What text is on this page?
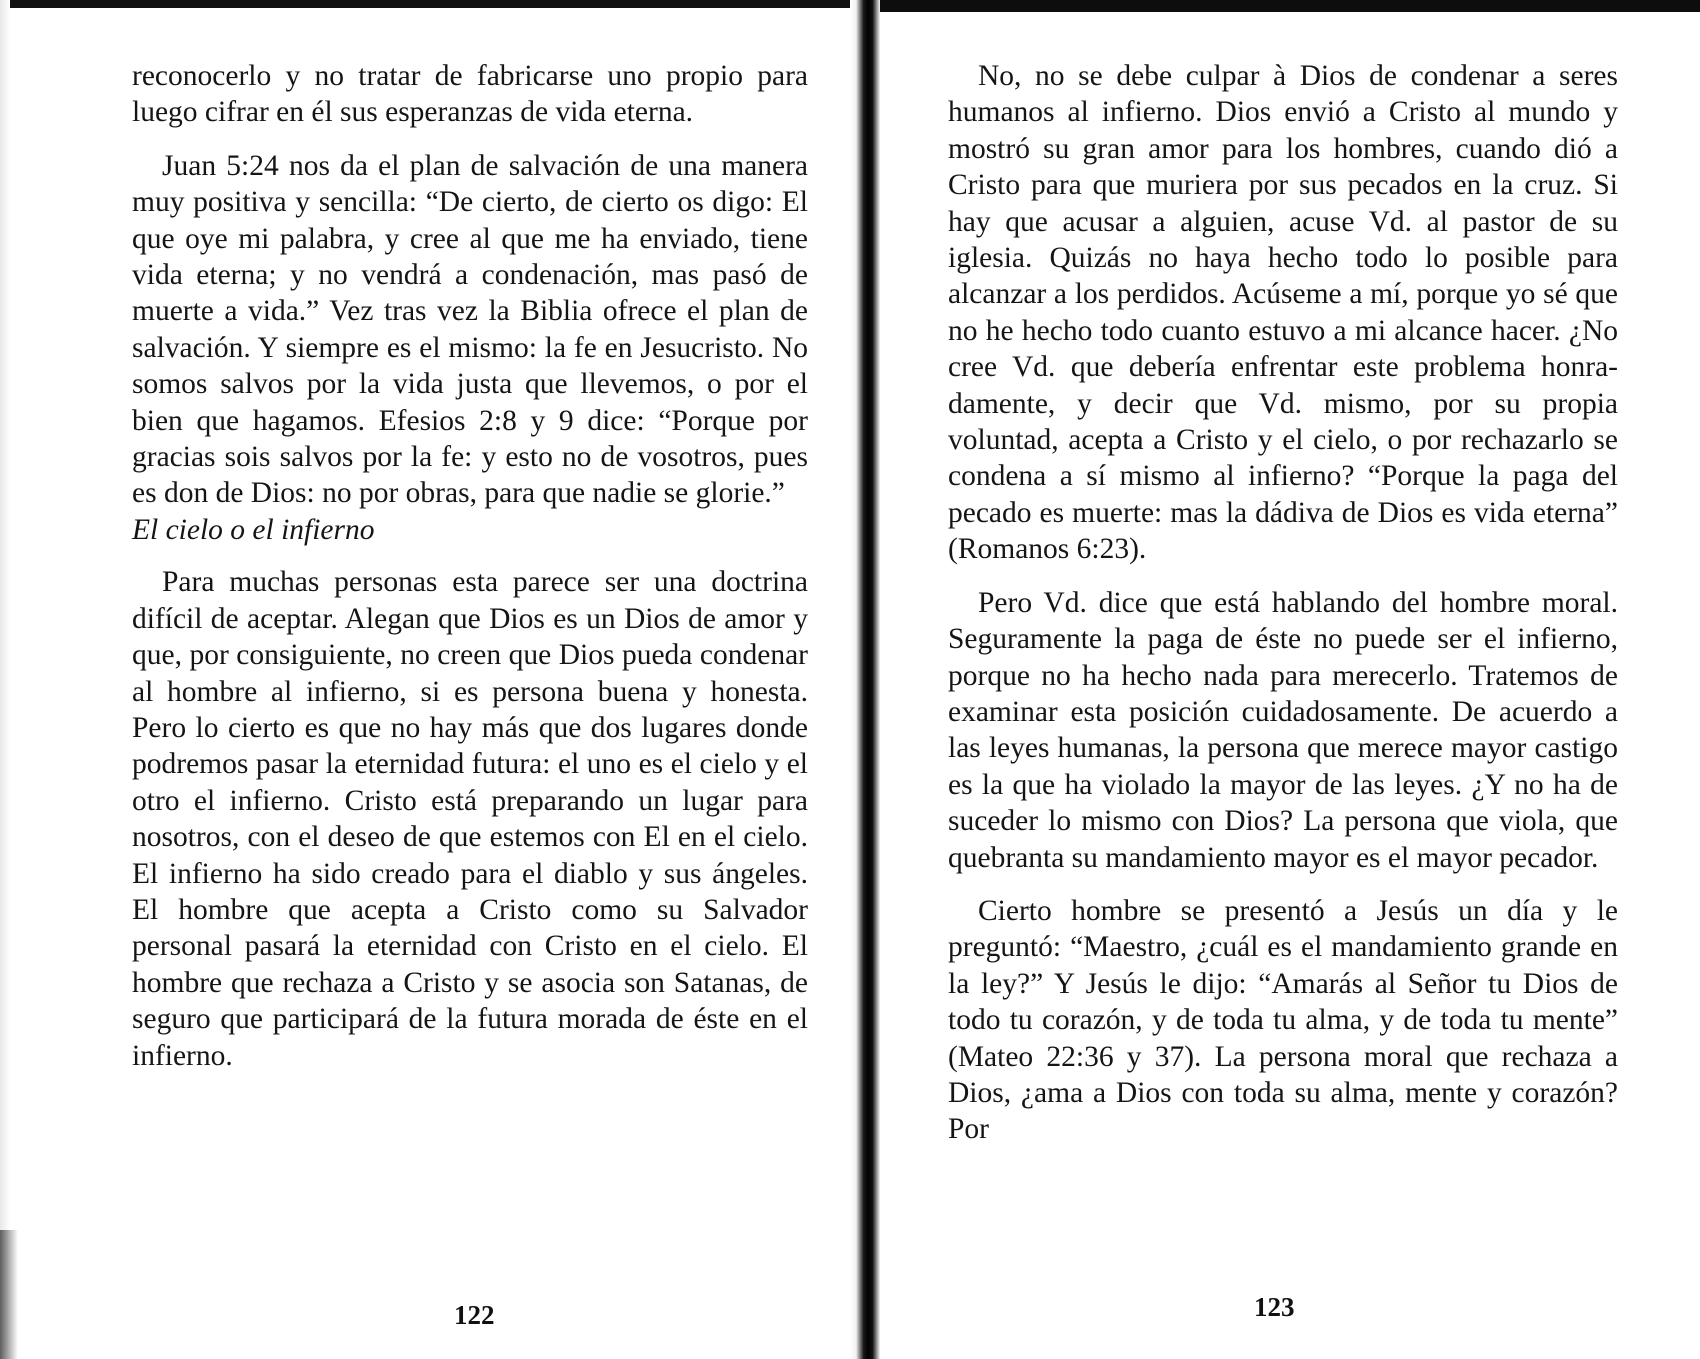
reconocerlo y no tratar de fabricarse uno propio para luego cifrar en él sus esperanzas de vida eterna.

Juan 5:24 nos da el plan de salvación de una manera muy positiva y sencilla: “De cierto, de cierto os digo: El que oye mi palabra, y cree al que me ha enviado, tiene vida eterna; y no vendrá a condenación, mas pasó de muerte a vida.” Vez tras vez la Biblia ofrece el plan de salvación. Y siempre es el mismo: la fe en Jesucristo. No somos salvos por la vida justa que llevemos, o por el bien que hagamos. Efesios 2:8 y 9 dice: “Porque por gracias sois salvos por la fe: y esto no de vosotros, pues es don de Dios: no por obras, para que nadie se glorie.”

El cielo o el infierno

Para muchas personas esta parece ser una doctrina difícil de aceptar. Alegan que Dios es un Dios de amor y que, por consiguiente, no creen que Dios pueda condenar al hombre al infierno, si es persona buena y honesta. Pero lo cierto es que no hay más que dos lugares donde podremos pasar la eternidad futura: el uno es el cielo y el otro el infierno. Cristo está preparando un lugar para nosotros, con el deseo de que estemos con El en el cielo. El infierno ha sido creado para el diablo y sus ángeles. El hombre que acepta a Cristo como su Salvador personal pasará la eternidad con Cristo en el cielo. El hombre que rechaza a Cristo y se asocia son Satanas, de seguro que participará de la futura morada de éste en el infierno.

122

No, no se debe culpar à Dios de condenar a seres humanos al infierno. Dios envió a Cristo al mundo y mostró su gran amor para los hombres, cuando dió a Cristo para que muriera por sus pecados en la cruz. Si hay que acusar a alguien, acuse Vd. al pastor de su iglesia. Quizás no haya hecho todo lo posible para alcanzar a los perdidos. Acúseme a mí, porque yo sé que no he hecho todo cuanto estuvo a mi alcance hacer. ¿No cree Vd. que debería enfrentar este problema honradamente, y decir que Vd. mismo, por su propia voluntad, acepta a Cristo y el cielo, o por rechazarlo se condena a sí mismo al infierno? “Porque la paga del pecado es muerte: mas la dádiva de Dios es vida eterna” (Romanos 6:23).

Pero Vd. dice que está hablando del hombre moral. Seguramente la paga de éste no puede ser el infierno, porque no ha hecho nada para merecerlo. Tratemos de examinar esta posición cuidadosamente. De acuerdo a las leyes humanas, la persona que merece mayor castigo es la que ha violado la mayor de las leyes. ¿Y no ha de suceder lo mismo con Dios? La persona que viola, que quebranta su mandamiento mayor es el mayor pecador.

Cierto hombre se presentó a Jesús un día y le preguntó: “Maestro, ¿cuál es el mandamiento grande en la ley?” Y Jesús le dijo: “Amarás al Señor tu Dios de todo tu corazón, y de toda tu alma, y de toda tu mente” (Mateo 22:36 y 37). La persona moral que rechaza a Dios, ¿ama a Dios con toda su alma, mente y corazón? Por

123
